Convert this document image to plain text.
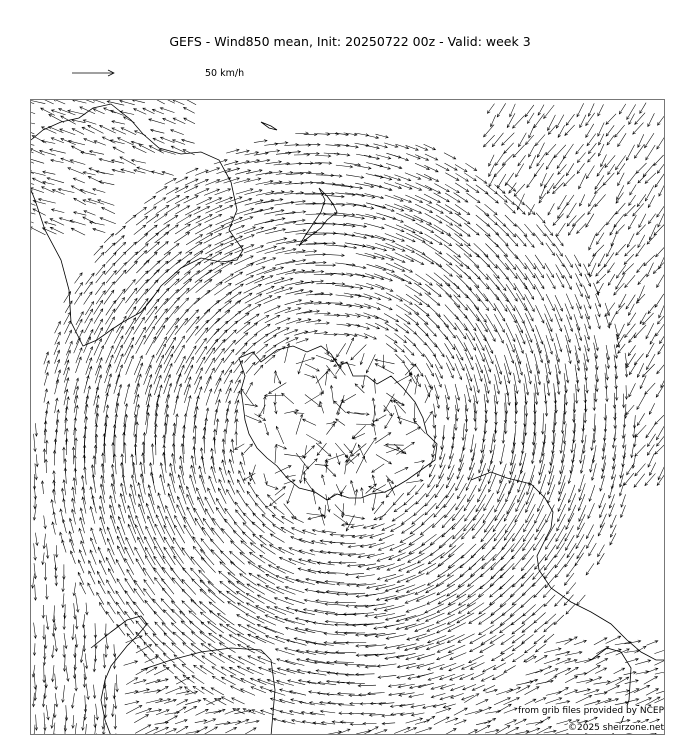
GEFS - Wind850 mean, Init: 20250722 00z - Valid: week 3
50 km/h
from grib files provided by NCEP
©2025 sheirzone.net
